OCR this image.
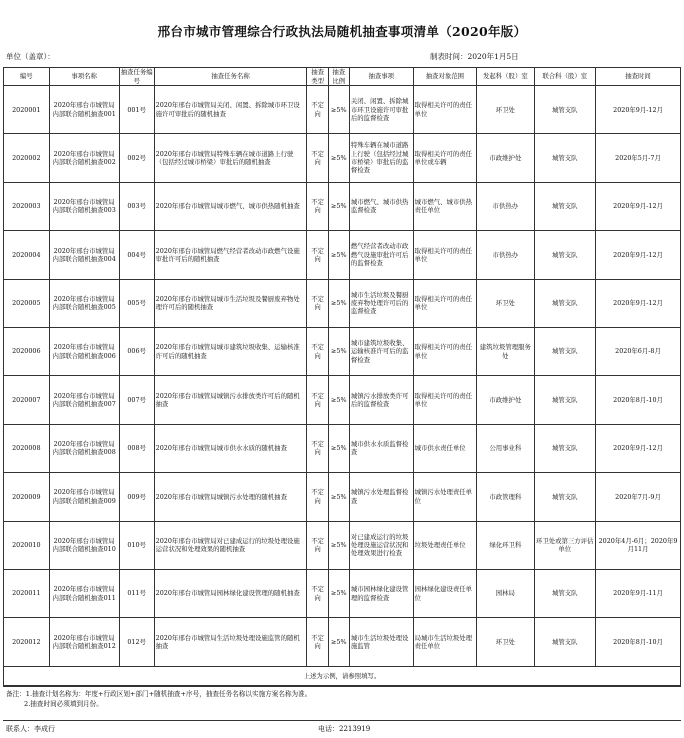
邢台市城市管理综合行政执法局随机抽查事项清单（2020年版）
单位（盖章）：	制表时间：2020年1月5日
编号	事项名称	抽查任务编号	抽查任务名称	抽查类型	抽查比例	抽查事项	抽查对象范围	发起科（股）室	联合科（股）室	抽查时间
2020001	2020年邢台市城管局内部联合随机抽查001	001号	2020年邢台市城管局关闭、闲置、拆除城市环卫设施许可审批后的随机抽查	不定向	≥5%	关闭、闲置、拆除城市环卫设施许可审批后的监督检查	取得相关许可的责任单位	环卫处	城管支队	2020年9月-12月
2020002	2020年邢台市城管局内部联合随机抽查002	002号	2020年邢台市城管局特殊车辆在城市道路上行驶（包括经过城市桥梁）审批后的随机抽查	不定向	≥5%	特殊车辆在城市道路上行驶（包括经过城市桥梁）审批后的监督检查	取得相关许可的责任单位或车辆	市政维护处	城管支队	2020年5月-7月
2020003	2020年邢台市城管局内部联合随机抽查003	003号	2020年邢台市城管局城市燃气、城市供热随机抽查	不定向	≥5%	城市燃气、城市供热监督检查	城市燃气、城市供热责任单位	市供热办	城管支队	2020年9月-12月
2020004	2020年邢台市城管局内部联合随机抽查004	004号	2020年邢台市城管局燃气经营者改动市政燃气设施审批许可后的随机抽查	不定向	≥5%	燃气经营者改动市政燃气设施审批许可后的监督检查	取得相关许可的责任单位	市供热办	城管支队	2020年9月-12月
2020005	2020年邢台市城管局内部联合随机抽查005	005号	2020年邢台市城管局城市生活垃圾及餐厨废弃物处理许可后的随机抽查	不定向	≥5%	城市生活垃圾及餐厨废弃物处理许可后的监督检查	取得相关许可的责任单位	环卫处	城管支队	2020年9月-12月
2020006	2020年邢台市城管局内部联合随机抽查006	006号	2020年邢台市城管局城市建筑垃圾收集、运输核准许可后的随机抽查	不定向	≥5%	城市建筑垃圾收集、运输核准许可后的监督检查	取得相关许可的责任单位	建筑垃圾管理服务处	城管支队	2020年6月-8月
2020007	2020年邢台市城管局内部联合随机抽查007	007号	2020年邢台市城管局城镇污水排放类许可后的随机抽查	不定向	≥5%	城镇污水排放类许可后的监督检查	取得相关许可的责任单位	市政维护处	城管支队	2020年8月-10月
2020008	2020年邢台市城管局内部联合随机抽查008	008号	2020年邢台市城管局城市供水水质的随机抽查	不定向	≥5%	城市供水水质监督检查	城市供水责任单位	公用事业科	城管支队	2020年9月-12月
2020009	2020年邢台市城管局内部联合随机抽查009	009号	2020年邢台市城管局城镇污水处理的随机抽查	不定向	≥5%	城镇污水处理监督检查	城镇污水处理责任单位	市政管理科	城管支队	2020年7月-9月
2020010	2020年邢台市城管局内部联合随机抽查010	010号	2020年邢台市城管局对已建成运行的垃圾处理设施运营状况和处理效果的随机抽查	不定向	≥5%	对已建成运行的垃圾处理设施运营状况和处理效果进行检查	垃圾处理责任单位	绿化环卫科	环卫处或第三方评估单位	2020年4月-6月；2020年9月11月
2020011	2020年邢台市城管局内部联合随机抽查011	011号	2020年邢台市城管局园林绿化建设管理的随机抽查	不定向	≥5%	城市园林绿化建设管理的监督检查	园林绿化建设责任单位	园林局	城管支队	2020年9月-11月
2020012	2020年邢台市城管局内部联合随机抽查012	012号	2020年邢台市城管局生活垃圾处理设施监管的随机抽查	不定向	≥5%	城市生活垃圾处理设施监管	局城市生活垃圾处理责任单位	环卫处	城管支队	2020年8月-10月
上述为示例，请参照填写。										
备注：1.抽查计划名称为：年度+行政区划+部门+随机抽查+序号，抽查任务名称以实施方案名称为准。
2.抽查时间必须填到月份。
联系人：李成行	电话：2213919
